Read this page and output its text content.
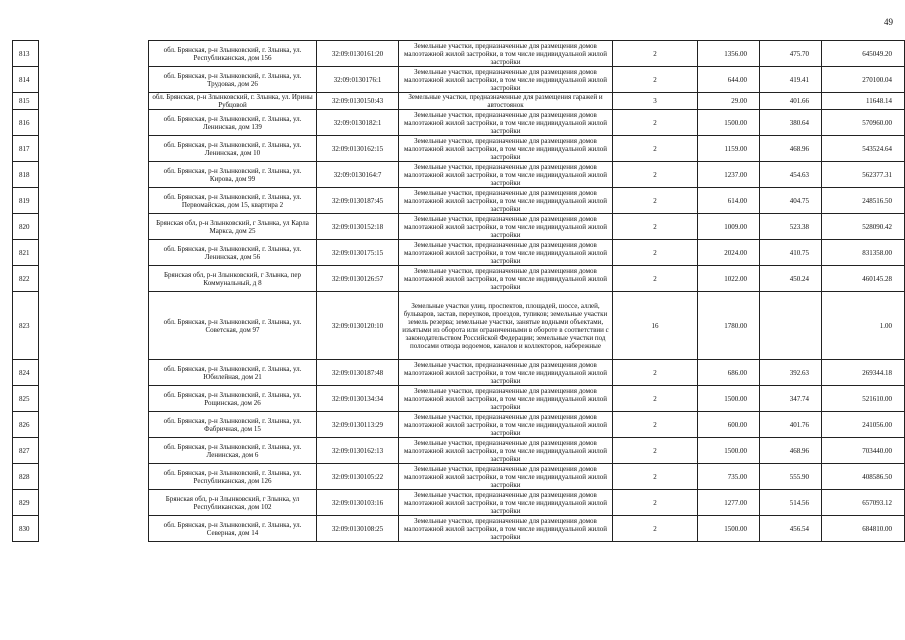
49
813		обл. Брянская, р-н Злынковский, г. Злынка, ул. Республиканская, дом 156	32:09:0130161:20	Земельные участки, предназначенные для размещения домов малоэтажной жилой застройки, в том числе индивидуальной жилой застройки	2	1356.00	475.70	645049.20
814		обл. Брянская, р-н Злынковский, г. Злынка, ул. Трудовая, дом 26	32:09:0130176:1	Земельные участки, предназначенные для размещения домов малоэтажной жилой застройки, в том числе индивидуальной жилой застройки	2	644.00	419.41	270100.04
815		обл. Брянская, р-н Злынковский, г. Злынка, ул. Ирины Рубцовой	32:09:0130150:43	Земельные участки, предназначенные для размещения гаражей и автостоянок	3	29.00	401.66	11648.14
816		обл. Брянская, р-н Злынковский, г. Злынка, ул. Ленинская, дом 139	32:09:0130182:1	Земельные участки, предназначенные для размещения домов малоэтажной жилой застройки, в том числе индивидуальной жилой застройки	2	1500.00	380.64	570960.00
817		обл. Брянская, р-н Злынковский, г. Злынка, ул. Ленинская, дом 10	32:09:0130162:15	Земельные участки, предназначенные для размещения домов малоэтажной жилой застройки, в том числе индивидуальной жилой застройки	2	1159.00	468.96	543524.64
818		обл. Брянская, р-н Злынковский, г. Злынка, ул. Кирова, дом 99	32:09:0130164:7	Земельные участки, предназначенные для размещения домов малоэтажной жилой застройки, в том числе индивидуальной жилой застройки	2	1237.00	454.63	562377.31
819		обл. Брянская, р-н Злынковский, г. Злынка, ул. Первомайская, дом 15, квартира 2	32:09:0130187:45	Земельные участки, предназначенные для размещения домов малоэтажной жилой застройки, в том числе индивидуальной жилой застройки	2	614.00	404.75	248516.50
820		Брянская обл, р-н Злынковский, г Злынка, ул Карла Маркса, дом 25	32:09:0130152:18	Земельные участки, предназначенные для размещения домов малоэтажной жилой застройки, в том числе индивидуальной жилой застройки	2	1009.00	523.38	528090.42
821		обл. Брянская, р-н Злынковский, г. Злынка, ул. Ленинская, дом 56	32:09:0130175:15	Земельные участки, предназначенные для размещения домов малоэтажной жилой застройки, в том числе индивидуальной жилой застройки	2	2024.00	410.75	831358.00
822		Брянская обл, р-н Злынковский, г Злынка, пер Коммунальный, д 8	32:09:0130126:57	Земельные участки, предназначенные для размещения домов малоэтажной жилой застройки, в том числе индивидуальной жилой застройки	2	1022.00	450.24	460145.28
823		обл. Брянская, р-н Злынковский, г. Злынка, ул. Советская, дом 97	32:09:0130120:10	Земельные участки улиц, проспектов, площадей, шоссе, аллей, бульваров, застав, переулков, проездов, тупиков; земельные участки земель резерва; земельные участки, занятые водными объектами, изъятыми из оборота или ограниченными в обороте в соответствии с законодательством Российской Федерации; земельные участки под полосами отвода водоемов, каналов и коллекторов, набережные	16	1780.00		1.00
824		обл. Брянская, р-н Злынковский, г. Злынка, ул. Юбилейная, дом 21	32:09:0130187:48	Земельные участки, предназначенные для размещения домов малоэтажной жилой застройки, в том числе индивидуальной жилой застройки	2	686.00	392.63	269344.18
825		обл. Брянская, р-н Злынковский, г. Злынка, ул. Рощинская, дом 26	32:09:0130134:34	Земельные участки, предназначенные для размещения домов малоэтажной жилой застройки, в том числе индивидуальной жилой застройки	2	1500.00	347.74	521610.00
826		обл. Брянская, р-н Злынковский, г. Злынка, ул. Фабричная, дом 15	32:09:0130113:29	Земельные участки, предназначенные для размещения домов малоэтажной жилой застройки, в том числе индивидуальной жилой застройки	2	600.00	401.76	241056.00
827		обл. Брянская, р-н Злынковский, г. Злынка, ул. Ленинская, дом 6	32:09:0130162:13	Земельные участки, предназначенные для размещения домов малоэтажной жилой застройки, в том числе индивидуальной жилой застройки	2	1500.00	468.96	703440.00
828		обл. Брянская, р-н Злынковский, г. Злынка, ул. Республиканская, дом 126	32:09:0130105:22	Земельные участки, предназначенные для размещения домов малоэтажной жилой застройки, в том числе индивидуальной жилой застройки	2	735.00	555.90	408586.50
829		Брянская обл, р-н Злынковский, г Злынка, ул Республиканская, дом 102	32:09:0130103:16	Земельные участки, предназначенные для размещения домов малоэтажной жилой застройки, в том числе индивидуальной жилой застройки	2	1277.00	514.56	657093.12
830		обл. Брянская, р-н Злынковский, г. Злынка, ул. Северная, дом 14	32:09:0130108:25	Земельные участки, предназначенные для размещения домов малоэтажной жилой застройки, в том числе индивидуальной жилой застройки	2	1500.00	456.54	684810.00
